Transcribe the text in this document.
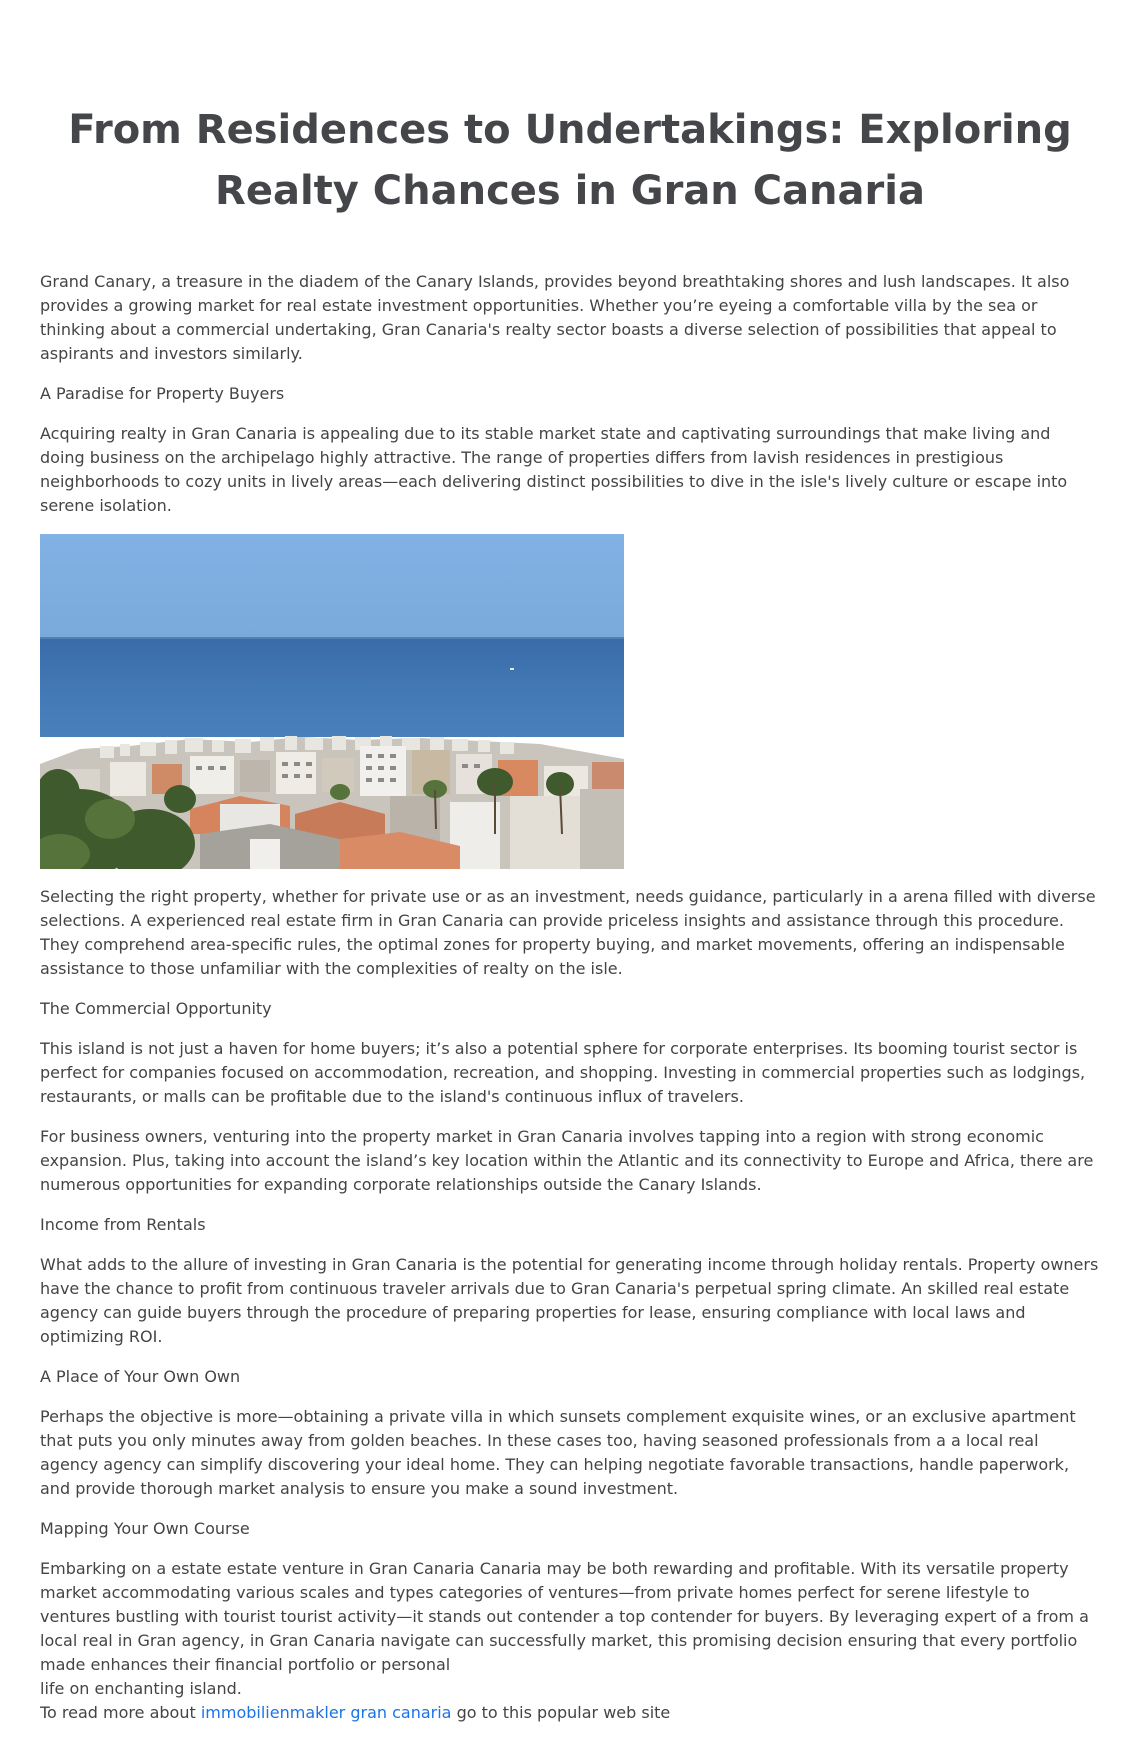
From Residences to Undertakings: Exploring Realty Chances in Gran Canaria

Grand Canary, a treasure in the diadem of the Canary Islands, provides beyond breathtaking shores and lush landscapes. It also provides a growing market for real estate investment opportunities. Whether you’re eyeing a comfortable villa by the sea or thinking about a commercial undertaking, Gran Canaria's realty sector boasts a diverse selection of possibilities that appeal to aspirants and investors similarly.

A Paradise for Property Buyers

Acquiring realty in Gran Canaria is appealing due to its stable market state and captivating surroundings that make living and doing business on the archipelago highly attractive. The range of properties differs from lavish residences in prestigious neighborhoods to cozy units in lively areas—each delivering distinct possibilities to dive in the isle's lively culture or escape into serene isolation.

Selecting the right property, whether for private use or as an investment, needs guidance, particularly in a arena filled with diverse selections. A experienced real estate firm in Gran Canaria can provide priceless insights and assistance through this procedure. They comprehend area-specific rules, the optimal zones for property buying, and market movements, offering an indispensable assistance to those unfamiliar with the complexities of realty on the isle.

The Commercial Opportunity

This island is not just a haven for home buyers; it’s also a potential sphere for corporate enterprises. Its booming tourist sector is perfect for companies focused on accommodation, recreation, and shopping. Investing in commercial properties such as lodgings, restaurants, or malls can be profitable due to the island's continuous influx of travelers.

For business owners, venturing into the property market in Gran Canaria involves tapping into a region with strong economic expansion. Plus, taking into account the island’s key location within the Atlantic and its connectivity to Europe and Africa, there are numerous opportunities for expanding corporate relationships outside the Canary Islands.

Income from Rentals

What adds to the allure of investing in Gran Canaria is the potential for generating income through holiday rentals. Property owners have the chance to profit from continuous traveler arrivals due to Gran Canaria's perpetual spring climate. An skilled real estate agency can guide buyers through the procedure of preparing properties for lease, ensuring compliance with local laws and optimizing ROI.

A Place of Your Own Own

Perhaps the objective is more—obtaining a private villa in which sunsets complement exquisite wines, or an exclusive apartment that puts you only minutes away from golden beaches. In these cases too, having seasoned professionals from a a local real agency agency can simplify discovering your ideal home. They can helping negotiate favorable transactions, handle paperwork, and provide thorough market analysis to ensure you make a sound investment.

Mapping Your Own Course

Embarking on a estate estate venture in Gran Canaria Canaria may be both rewarding and profitable. With its versatile property market accommodating various scales and types categories of ventures—from private homes perfect for serene lifestyle to ventures bustling with tourist tourist activity—it stands out contender a top contender for buyers. By leveraging expert of a from a local real in Gran agency, in Gran Canaria navigate can successfully market, this promising decision ensuring that every portfolio made enhances their financial portfolio or personal

life on enchanting island.

To read more about immobilienmakler gran canaria go to this popular web site
